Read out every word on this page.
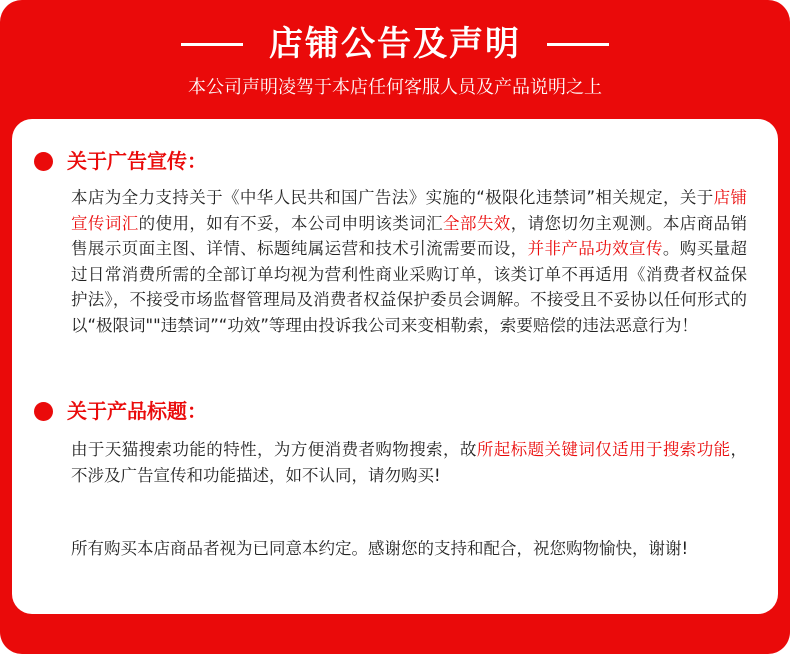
店铺公告及声明
本公司声明凌驾于本店任何客服人员及产品说明之上
关于广告宣传：
本店为全力支持关于《中华人民共和国广告法》实施的“极限化违禁词”相关规定，关于店铺宣传词汇的使用，如有不妥，本公司申明该类词汇全部失效，请您切勿主观测。本店商品销售展示页面主图、详情、标题纯属运营和技术引流需要而设，并非产品功效宣传。购买量超过日常消费所需的全部订单均视为营利性商业采购订单，该类订单不再适用《消费者权益保护法》，不接受市场监督管理局及消费者权益保护委员会调解。不接受且不妥协以任何形式的以“极限词""违禁词”“功效”等理由投诉我公司来变相勒索，索要赔偿的违法恶意行为！
关于产品标题：
由于天猫搜索功能的特性，为方便消费者购物搜索，故所起标题关键词仅适用于搜索功能，不涉及广告宣传和功能描述，如不认同，请勿购买!
所有购买本店商品者视为已同意本约定。感谢您的支持和配合，祝您购物愉快，谢谢!
